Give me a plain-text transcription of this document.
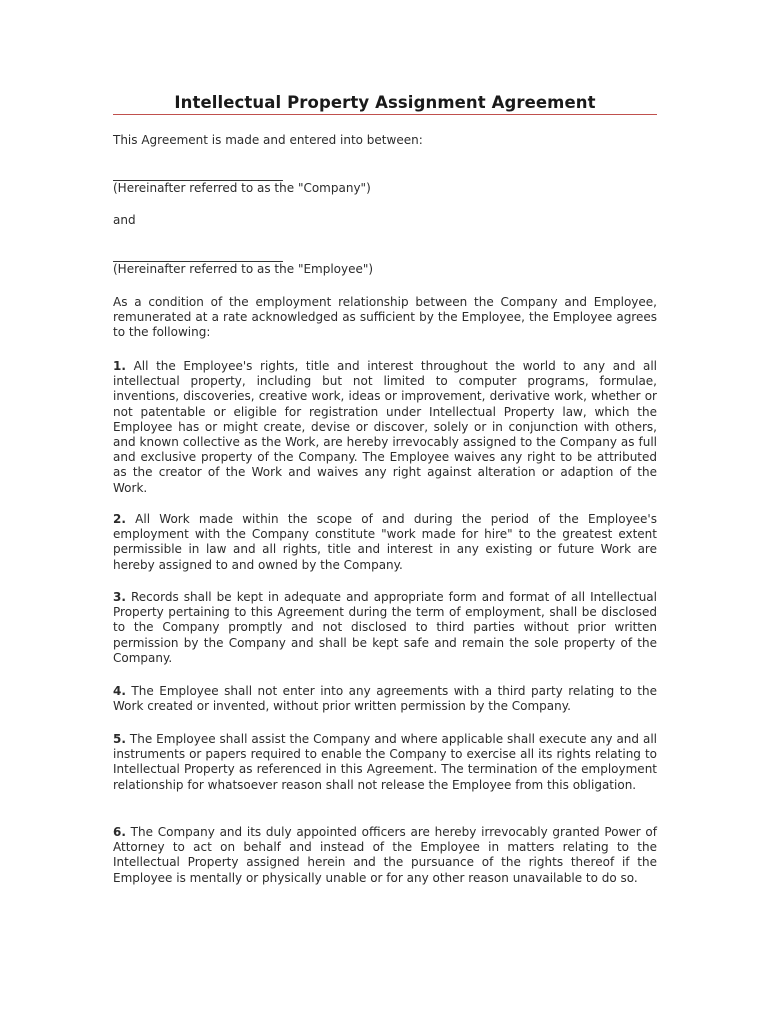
Intellectual Property Assignment Agreement

This Agreement is made and entered into between:

(Hereinafter referred to as the "Company")

and

(Hereinafter referred to as the "Employee")

As a condition of the employment relationship between the Company and Employee, remunerated at a rate acknowledged as sufficient by the Employee, the Employee agrees to the following:

1. All the Employee's rights, title and interest throughout the world to any and all intellectual property, including but not limited to computer programs, formulae, inventions, discoveries, creative work, ideas or improvement, derivative work, whether or not patentable or eligible for registration under Intellectual Property law, which the Employee has or might create, devise or discover, solely or in conjunction with others, and known collective as the Work, are hereby irrevocably assigned to the Company as full and exclusive property of the Company. The Employee waives any right to be attributed as the creator of the Work and waives any right against alteration or adaption of the Work.

2. All Work made within the scope of and during the period of the Employee's employment with the Company constitute "work made for hire" to the greatest extent permissible in law and all rights, title and interest in any existing or future Work are hereby assigned to and owned by the Company.

3. Records shall be kept in adequate and appropriate form and format of all Intellectual Property pertaining to this Agreement during the term of employment, shall be disclosed to the Company promptly and not disclosed to third parties without prior written permission by the Company and shall be kept safe and remain the sole property of the Company.

4. The Employee shall not enter into any agreements with a third party relating to the Work created or invented, without prior written permission by the Company.

5. The Employee shall assist the Company and where applicable shall execute any and all instruments or papers required to enable the Company to exercise all its rights relating to Intellectual Property as referenced in this Agreement. The termination of the employment relationship for whatsoever reason shall not release the Employee from this obligation.

6. The Company and its duly appointed officers are hereby irrevocably granted Power of Attorney to act on behalf and instead of the Employee in matters relating to the Intellectual Property assigned herein and the pursuance of the rights thereof if the Employee is mentally or physically unable or for any other reason unavailable to do so.
